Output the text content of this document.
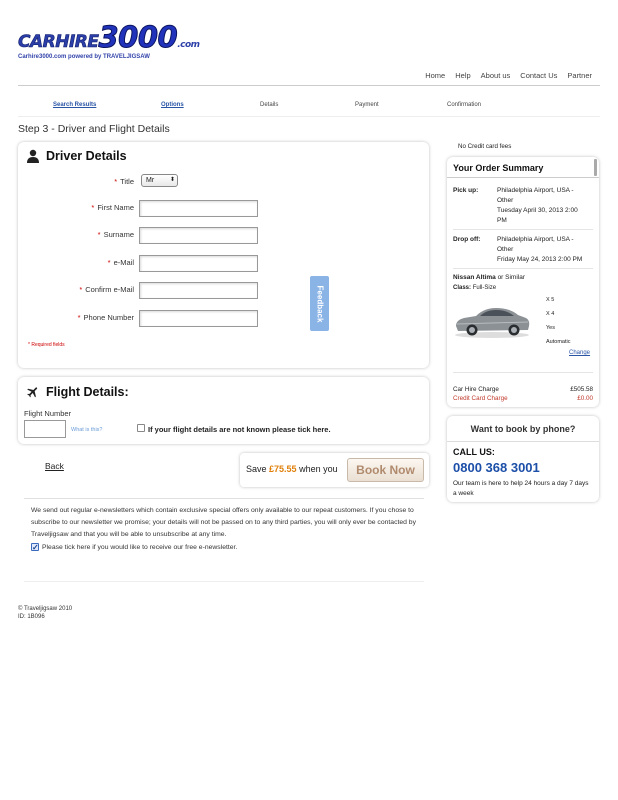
CARHIRE3000.com
Carhire3000.com powered by TRAVELJIGSAW
Home Help About us Contact Us Partner
Search Results	Options	Details	Payment	Confirmation
Step 3 - Driver and Flight Details
Driver Details
* Title	Mr	⬍
* First Name
* Surname
* e-Mail
* Confirm e-Mail
* Phone Number
* Required fields
Feedback
Flight Details:
Flight Number
What is this?	If your flight details are not known please tick here.
Back	Save £75.55 when you	Book Now
We send out regular e-newsletters which contain exclusive special offers only available to our repeat customers. If you chose to subscribe to our newsletter we promise; your details will not be passed on to any third parties, you will only ever be contacted by Traveljigsaw and that you will be able to unsubscribe at any time.
✓ Please tick here if you would like to receive our free e-newsletter.
© Traveljigsaw 2010
ID: 1B096
No Credit card fees
Your Order Summary
Pick up:	Philadelphia Airport, USA - Other
Tuesday April 30, 2013 2:00 PM
Drop off:	Philadelphia Airport, USA - Other
Friday May 24, 2013 2:00 PM
Nissan Altima or Similar
Class: Full-Size
X 5
X 4
Yes
Automatic
Change
Car Hire Charge	£505.58
Credit Card Charge	£0.00
Want to book by phone?
CALL US:
0800 368 3001
Our team is here to help 24 hours a day 7 days a week
